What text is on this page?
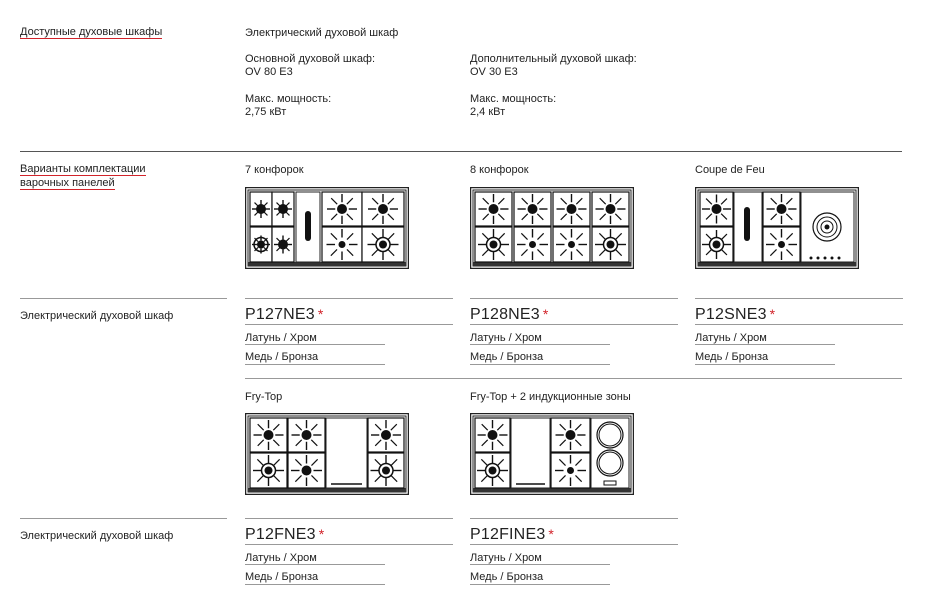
Доступные духовые шкафы	Электрический духовой шкаф
Основной духовой шкаф:
OV 80 E3
Макс. мощность:
2,75 кВт
Дополнительный духовой шкаф:
OV 30 E3
Макс. мощность:
2,4 кВт
Варианты комплектации
варочных панелей
7 конфорок	8 конфорок	Coupe de Feu
Электрический духовой шкаф	P127NE3 *	P128NE3 *	P12SNE3 *
Латунь / Хром	Латунь / Хром	Латунь / Хром
Медь / Бронза	Медь / Бронза	Медь / Бронза
Fry-Top	Fry-Top + 2 индукционные зоны
Электрический духовой шкаф	P12FNE3 *	P12FINE3 *
Латунь / Хром	Латунь / Хром
Медь / Бронза	Медь / Бронза
